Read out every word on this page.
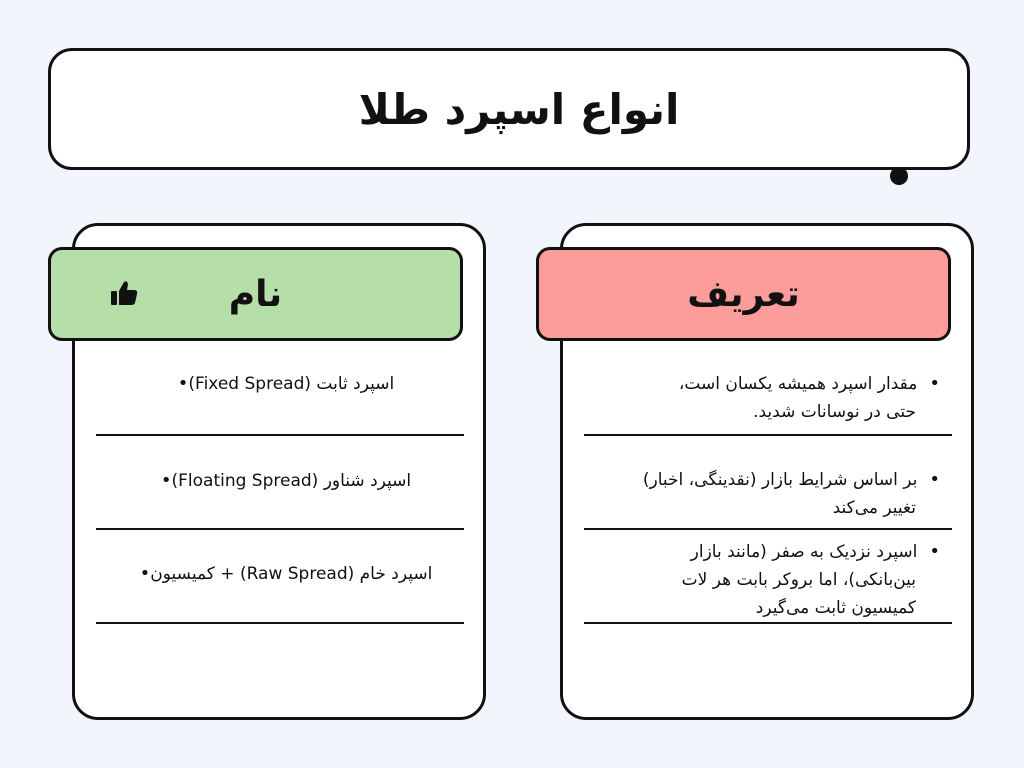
انواع اسپرد طلا
نام
اسپرد ثابت (Fixed Spread)•
اسپرد شناور (Floating Spread)•
اسپرد خام (Raw Spread) + کمیسیون•
تعریف
•مقدار اسپرد همیشه یکسان است،
حتی در نوسانات شدید.
•بر اساس شرایط بازار (نقدینگی، اخبار)
تغییر می‌کند
•اسپرد نزدیک به صفر (مانند بازار
بین‌بانکی)، اما بروکر بابت هر لات
کمیسیون ثابت می‌گیرد
